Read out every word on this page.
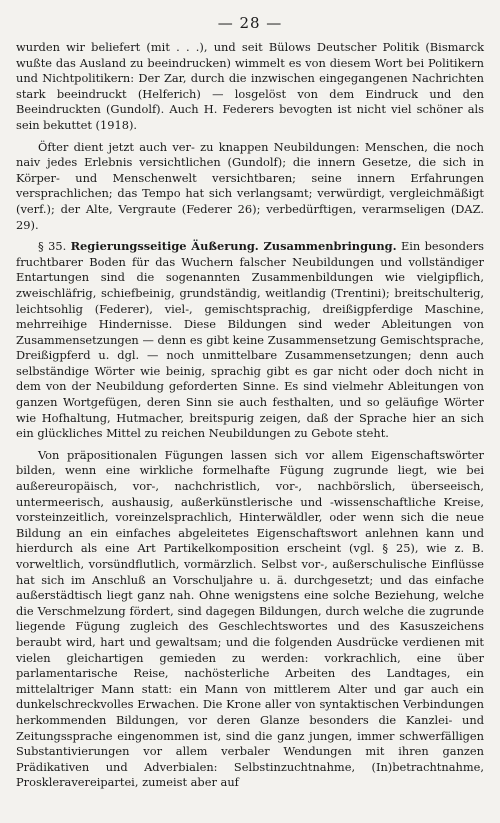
— 28 —

wurden wir beliefert (mit . . .), und seit Bülows Deutscher Politik (Bismarck wußte das Ausland zu beeindrucken) wimmelt es von diesem Wort bei Politikern und Nichtpolitikern: Der Zar, durch die inzwischen eingegangenen Nachrichten stark beeindruckt (Helferich) — losgelöst von dem Eindruck und den Beeindruckten (Gundolf). Auch H. Federers bevogten ist nicht viel schöner als sein bekuttet (1918).

Öfter dient jetzt auch ver- zu knappen Neubildungen: Menschen, die noch naiv jedes Erlebnis versichtlichen (Gundolf); die innern Gesetze, die sich in Körper- und Menschenwelt versichtbaren; seine innern Erfahrungen versprachlichen; das Tempo hat sich verlangsamt; verwürdigt, vergleichmäßigt (verf.); der Alte, Vergraute (Federer 26); verbedürftigen, verarmseligen (DAZ. 29).

§ 35. Regierungsseitige Äußerung. Zusammenbringung. Ein besonders fruchtbarer Boden für das Wuchern falscher Neubildungen und vollständiger Entartungen sind die sogenannten Zusammenbildungen wie vielgipflich, zweischläfrig, schiefbeinig, grundständig, weitlandig (Trentini); breitschulterig, leichtsohlig (Federer), viel-, gemischtsprachig, dreißigpferdige Maschine, mehrreihige Hindernisse. Diese Bildungen sind weder Ableitungen von Zusammensetzungen — denn es gibt keine Zusammensetzung Gemischtsprache, Dreißigpferd u. dgl. — noch unmittelbare Zusammensetzungen; denn auch selbständige Wörter wie beinig, sprachig gibt es gar nicht oder doch nicht in dem von der Neubildung geforderten Sinne. Es sind vielmehr Ableitungen von ganzen Wortgefügen, deren Sinn sie auch festhalten, und so geläufige Wörter wie Hofhaltung, Hutmacher, breitspurig zeigen, daß der Sprache hier an sich ein glückliches Mittel zu reichen Neubildungen zu Gebote steht.

Von präpositionalen Fügungen lassen sich vor allem Eigenschaftswörter bilden, wenn eine wirkliche formelhafte Fügung zugrunde liegt, wie bei außereuropäisch, vor-, nachchristlich, vor-, nachbörslich, überseeisch, untermeerisch, aushausig, außerkünstlerische und -wissenschaftliche Kreise, vorsteinzeitlich, voreinzelsprachlich, Hinterwäldler, oder wenn sich die neue Bildung an ein einfaches abgeleitetes Eigenschaftswort anlehnen kann und hierdurch als eine Art Partikelkomposition erscheint (vgl. § 25), wie z. B. vorweltlich, vorsündflutlich, vormärzlich. Selbst vor-, außerschulische Einflüsse hat sich im Anschluß an Vorschuljahre u. ä. durchgesetzt; und das einfache außerstädtisch liegt ganz nah. Ohne wenigstens eine solche Beziehung, welche die Verschmelzung fördert, sind dagegen Bildungen, durch welche die zugrunde liegende Fügung zugleich des Geschlechtswortes und des Kasuszeichens beraubt wird, hart und gewaltsam; und die folgenden Ausdrücke verdienen mit vielen gleichartigen gemieden zu werden: vorkrachlich, eine über parlamentarische Reise, nachösterliche Arbeiten des Landtages, ein mittelaltriger Mann statt: ein Mann von mittlerem Alter und gar auch ein dunkelschreckvolles Erwachen. Die Krone aller von syntaktischen Verbindungen herkommenden Bildungen, vor deren Glanze besonders die Kanzlei- und Zeitungssprache eingenommen ist, sind die ganz jungen, immer schwerfälligen Substantivierungen vor allem verbaler Wendungen mit ihren ganzen Prädikativen und Adverbialen: Selbstinzuchtnahme, (In)betrachtnahme, Proskleravereipartei, zumeist aber auf
